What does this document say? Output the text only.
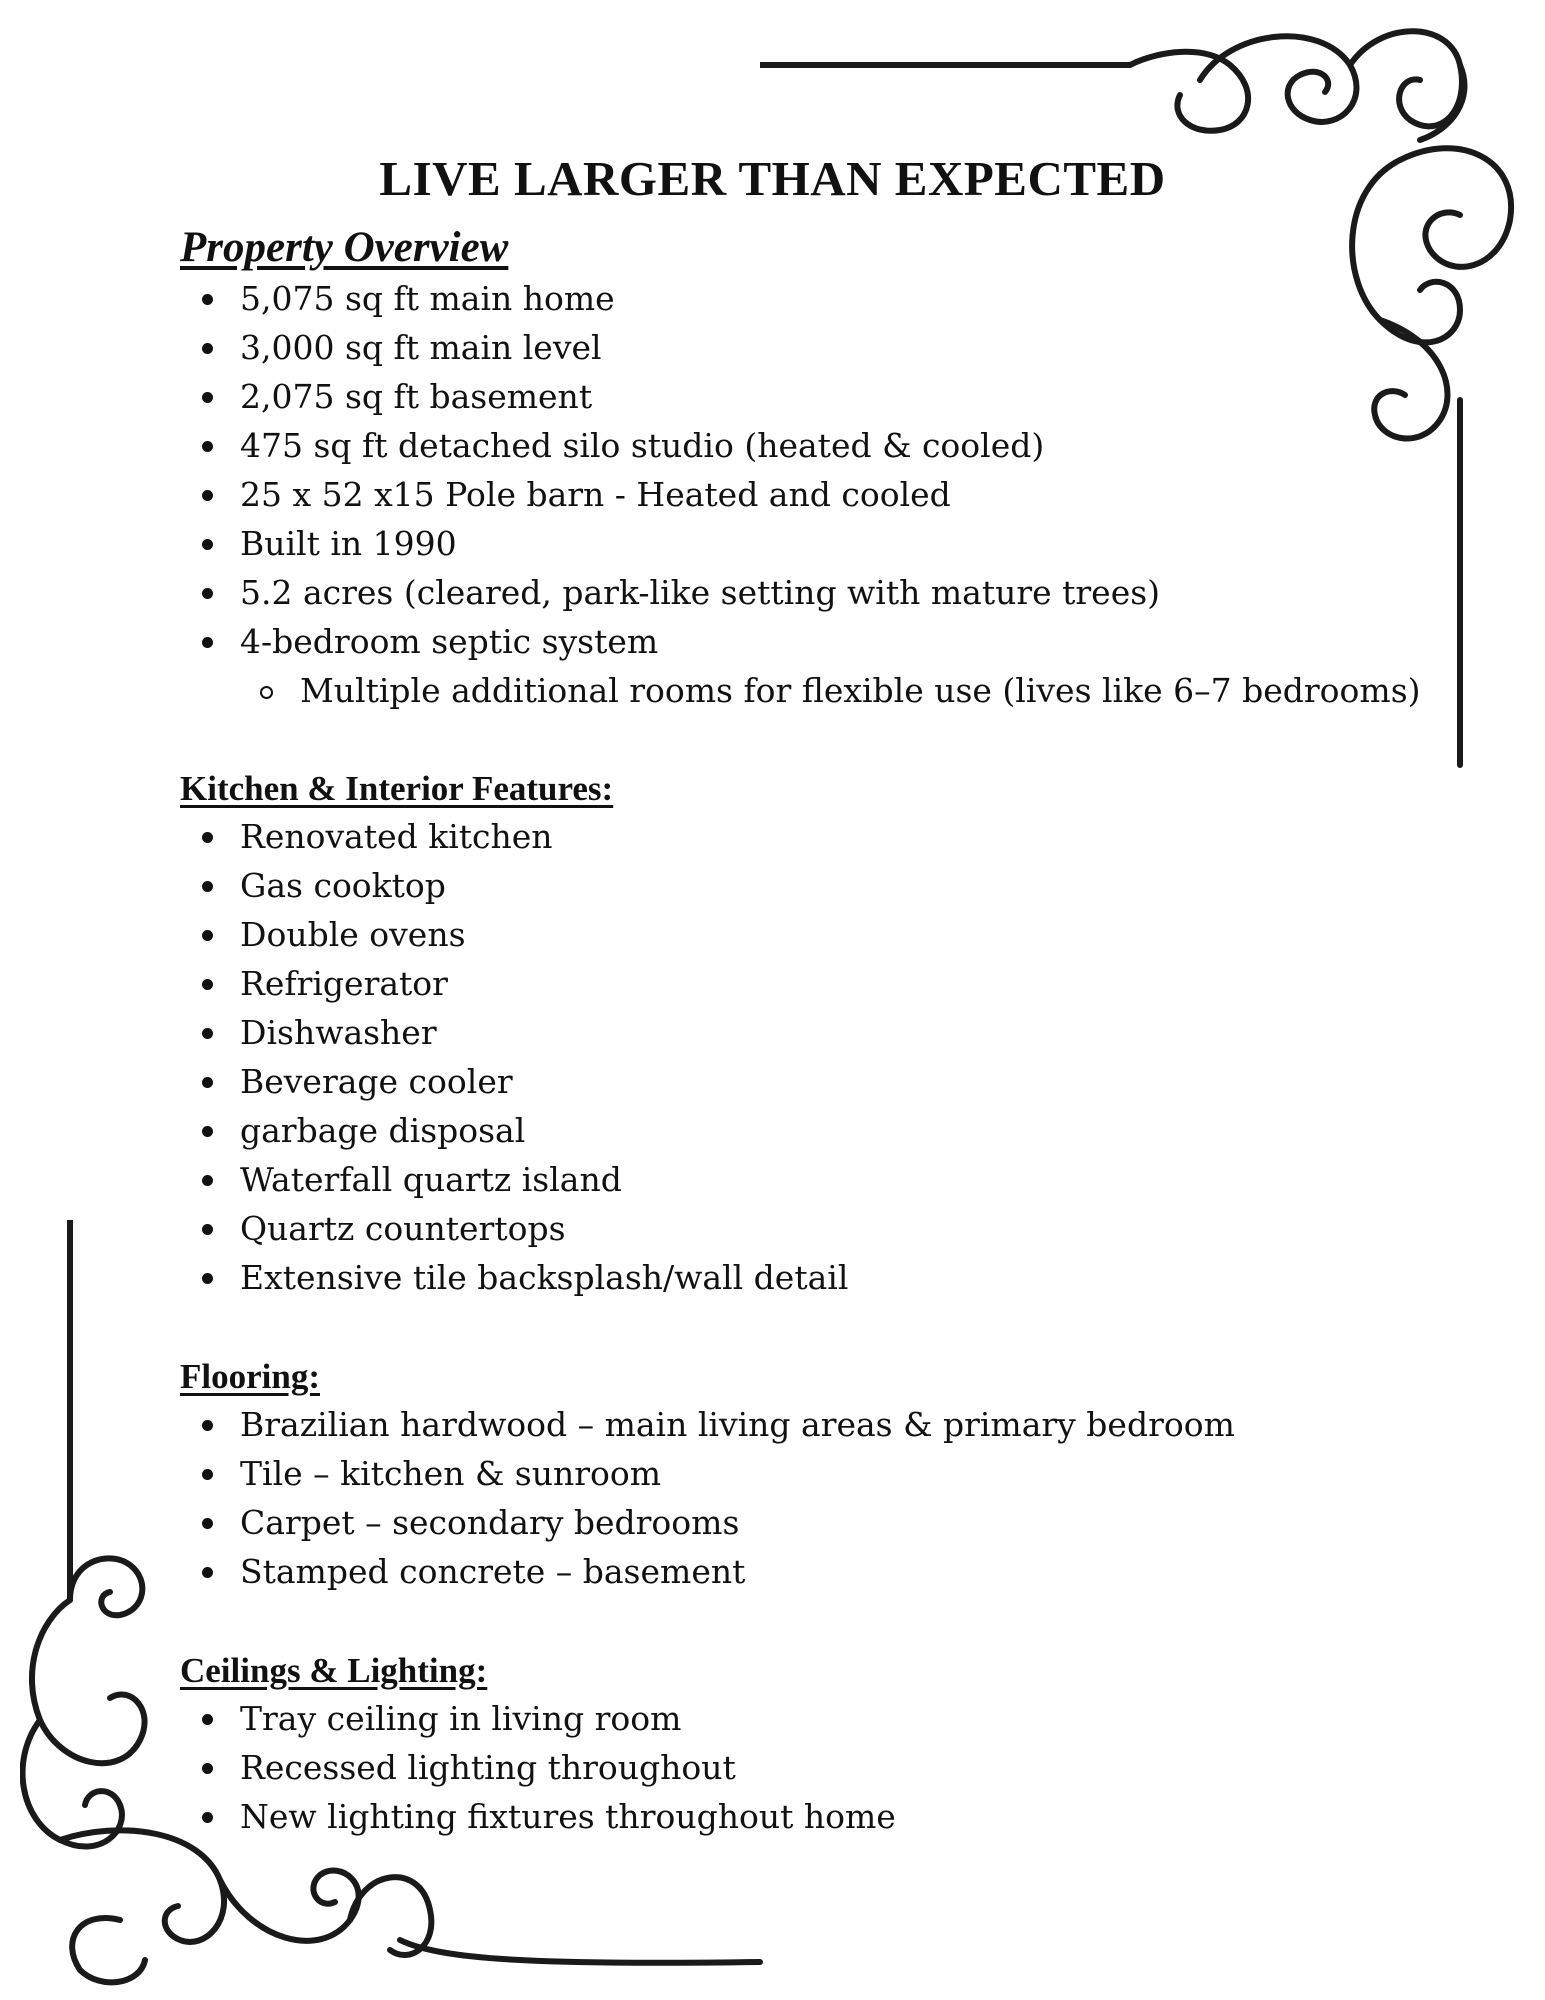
LIVE LARGER THAN EXPECTED
Property Overview
5,075 sq ft main home
3,000 sq ft main level
2,075 sq ft basement
475 sq ft detached silo studio (heated & cooled)
25 x 52 x15 Pole barn - Heated and cooled
Built in 1990
5.2 acres (cleared, park-like setting with mature trees)
4-bedroom septic system
Multiple additional rooms for flexible use (lives like 6–7 bedrooms)
Kitchen & Interior Features:
Renovated kitchen
Gas cooktop
Double ovens
Refrigerator
Dishwasher
Beverage cooler
garbage disposal
Waterfall quartz island
Quartz countertops
Extensive tile backsplash/wall detail
Flooring:
Brazilian hardwood – main living areas & primary bedroom
Tile – kitchen & sunroom
Carpet – secondary bedrooms
Stamped concrete – basement
Ceilings & Lighting:
Tray ceiling in living room
Recessed lighting throughout
New lighting fixtures throughout home
